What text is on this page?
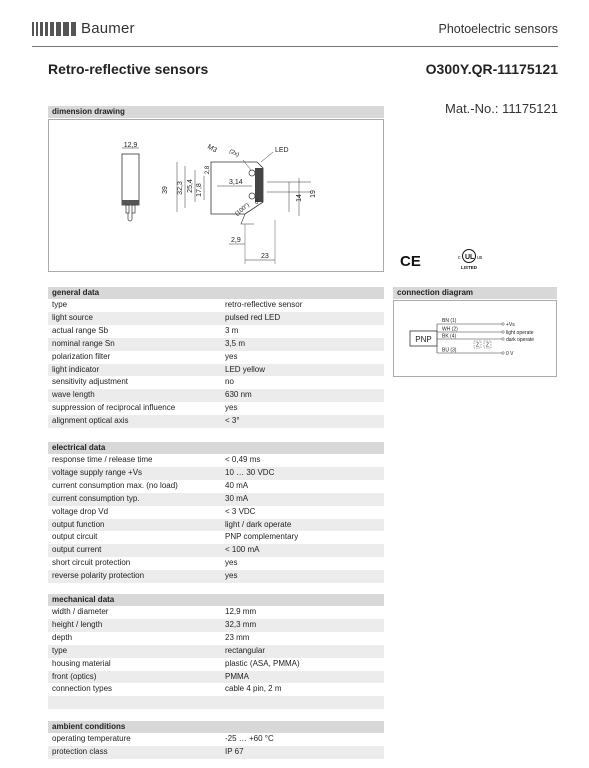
Baumer	Photoelectric sensors
Retro-reflective sensors	O300Y.QR-11175121
Mat.-No.: 11175121
dimension drawing
12,9
39 32,3 25,4 17,8
2,8
3,14
M3 (2x)	LED
19
14
(100°) 6
2,9
23	CE	c UL us
LISTED
connection diagram
PNP
BN (1)
WH (2)
BK (4)
BU (3)
Z Z
+Vs
light operate
dark operate
0 V
general data
type	retro-reflective sensor
light source	pulsed red LED
actual range Sb	3 m
nominal range Sn	3,5 m
polarization filter	yes
light indicator	LED yellow
sensitivity adjustment	no
wave length	630 nm
suppression of reciprocal influence	yes
alignment optical axis	< 3°
electrical data
response time / release time	< 0,49 ms
voltage supply range +Vs	10 … 30 VDC
current consumption max. (no load)	40 mA
current consumption typ.	30 mA
voltage drop Vd	< 3 VDC
output function	light / dark operate
output circuit	PNP complementary
output current	< 100 mA
short circuit protection	yes
reverse polarity protection	yes
mechanical data
width / diameter	12,9 mm
height / length	32,3 mm
depth	23 mm
type	rectangular
housing material	plastic (ASA, PMMA)
front (optics)	PMMA
connection types	cable 4 pin, 2 m

ambient conditions
operating temperature	-25 … +60 °C
protection class	IP 67
